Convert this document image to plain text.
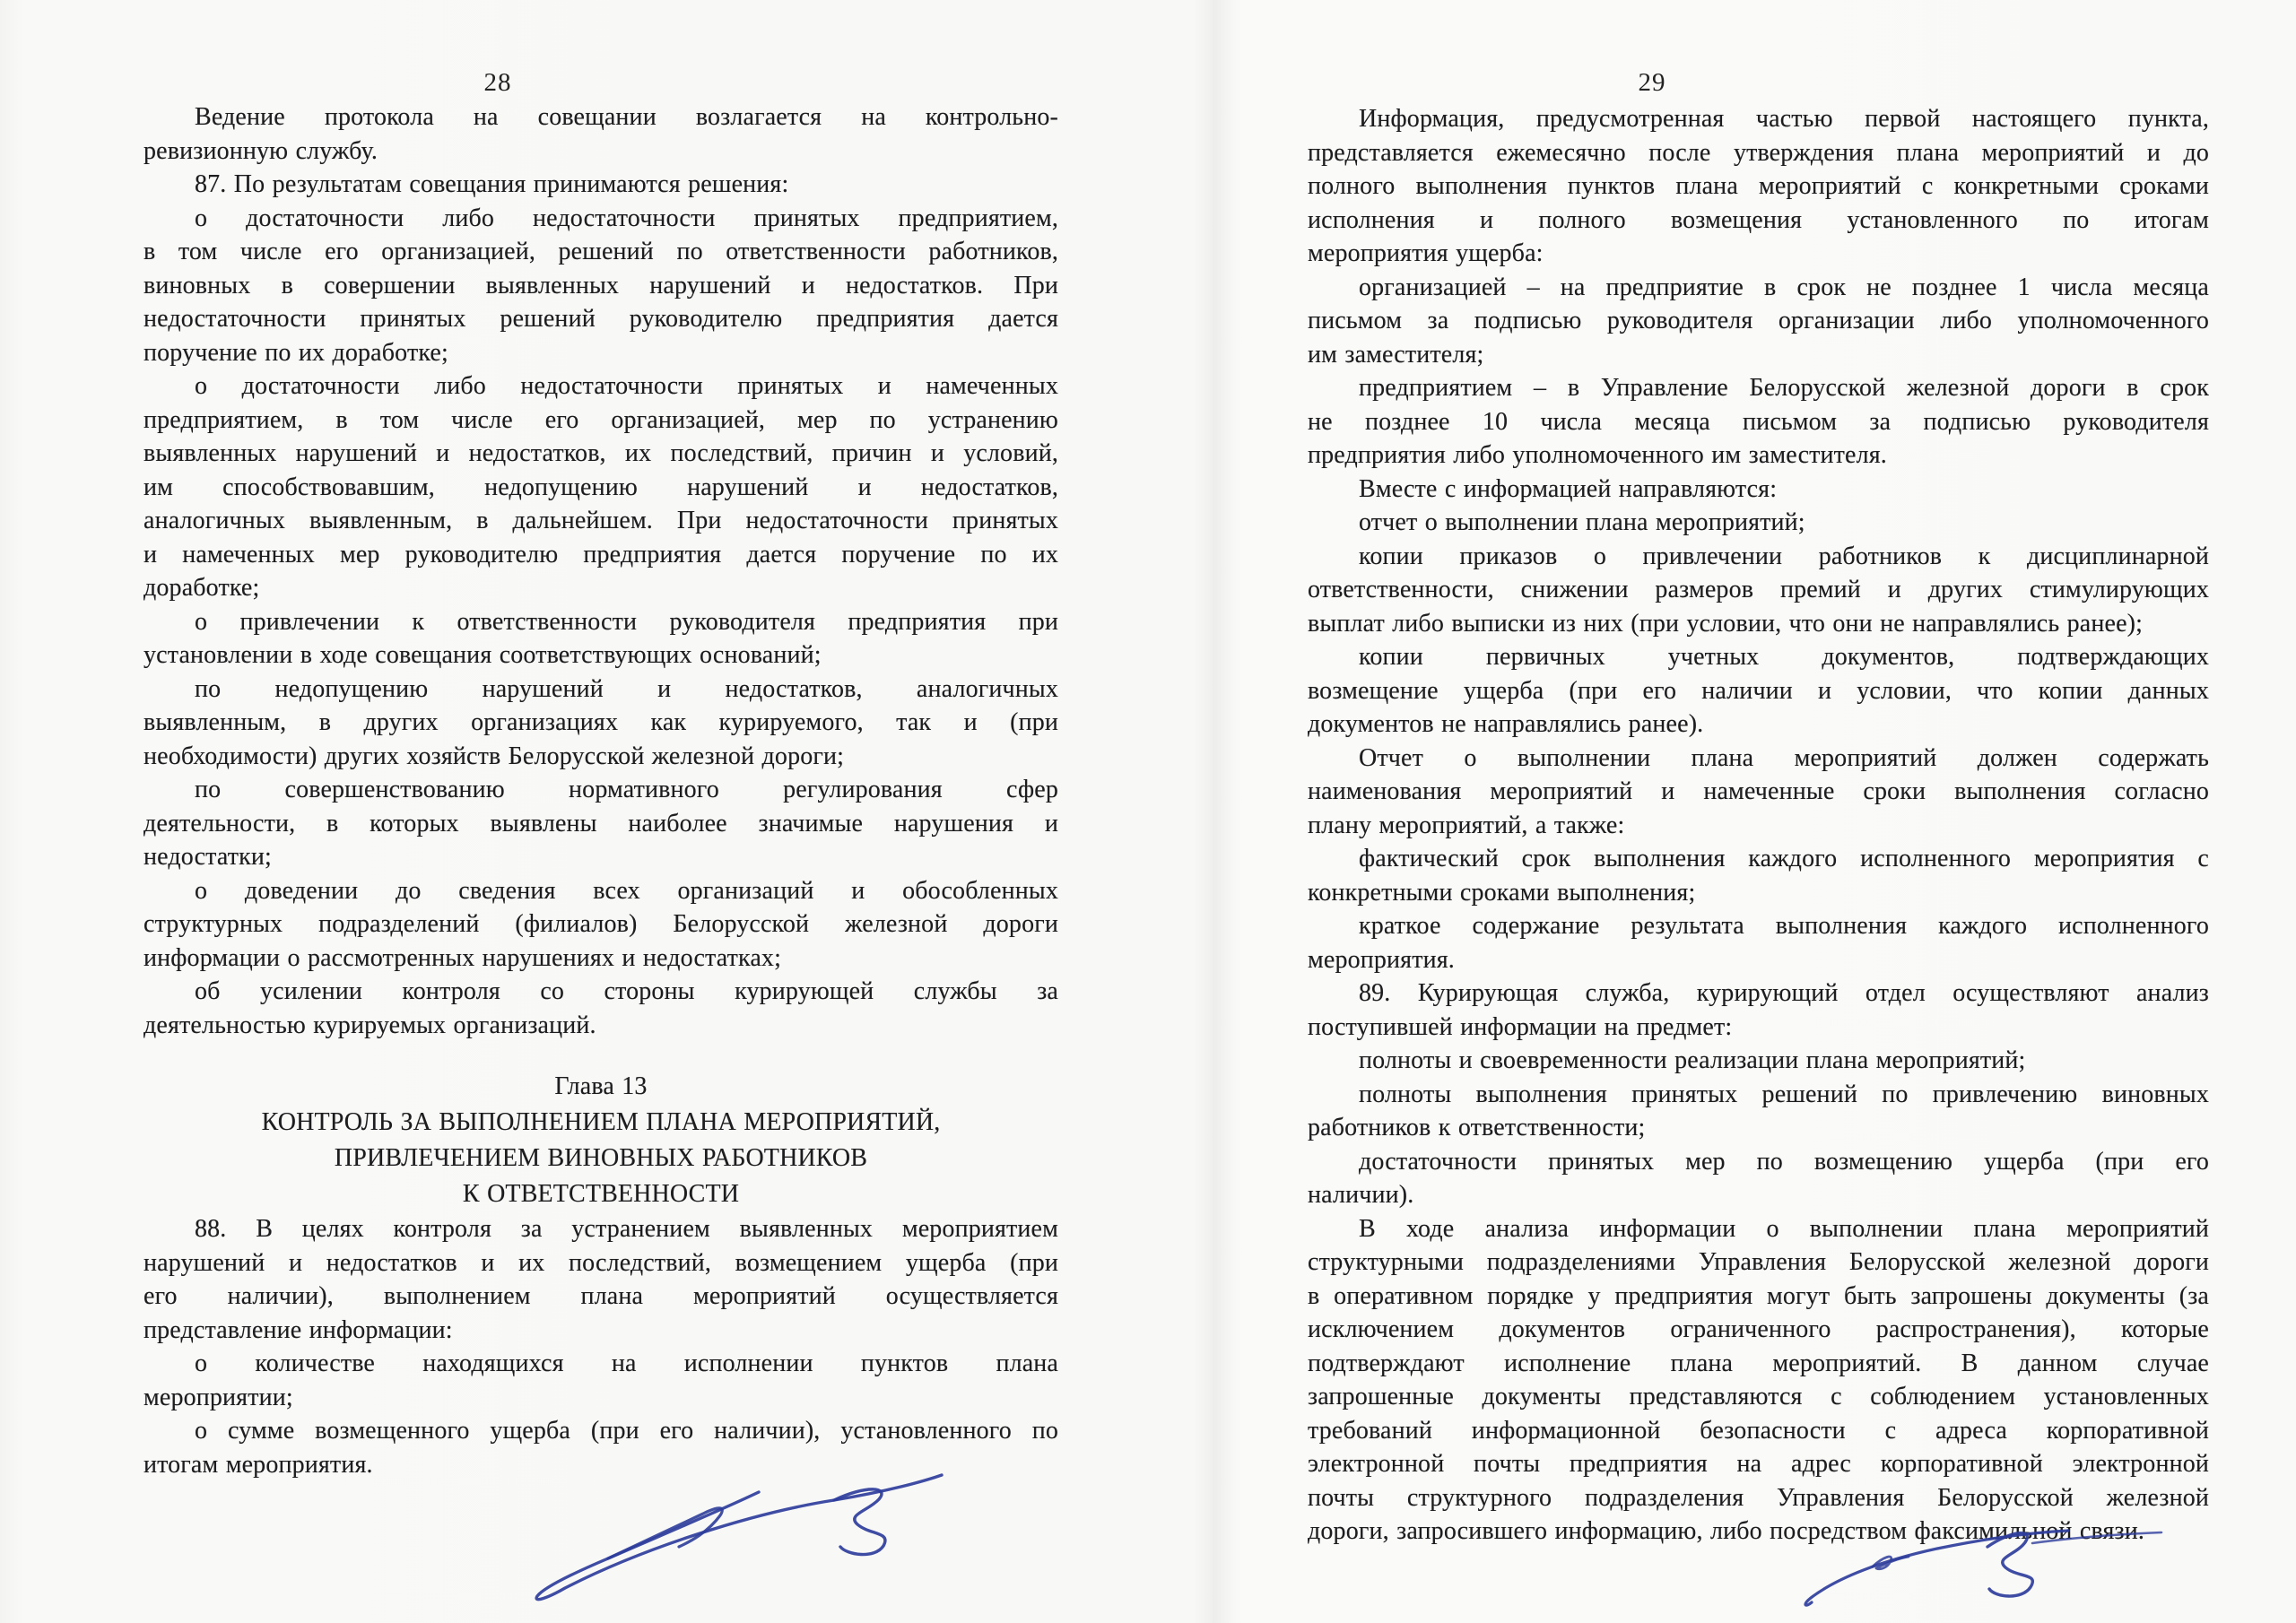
28	29
Ведение протокола на совещании возлагается на контрольно-
ревизионную службу.
87. По результатам совещания принимаются решения:
о достаточности либо недостаточности принятых предприятием,
в том числе его организацией, решений по ответственности работников,
виновных в совершении выявленных нарушений и недостатков. При
недостаточности принятых решений руководителю предприятия дается
поручение по их доработке;
о достаточности либо недостаточности принятых и намеченных
предприятием, в том числе его организацией, мер по устранению
выявленных нарушений и недостатков, их последствий, причин и условий,
им способствовавшим, недопущению нарушений и недостатков,
аналогичных выявленным, в дальнейшем. При недостаточности принятых
и намеченных мер руководителю предприятия дается поручение по их
доработке;
о привлечении к ответственности руководителя предприятия при
установлении в ходе совещания соответствующих оснований;
по недопущению нарушений и недостатков, аналогичных
выявленным, в других организациях как курируемого, так и (при
необходимости) других хозяйств Белорусской железной дороги;
по совершенствованию нормативного регулирования сфер
деятельности, в которых выявлены наиболее значимые нарушения и
недостатки;
о доведении до сведения всех организаций и обособленных
структурных подразделений (филиалов) Белорусской железной дороги
информации о рассмотренных нарушениях и недостатках;
об усилении контроля со стороны курирующей службы за
деятельностью курируемых организаций.
Глава 13
КОНТРОЛЬ ЗА ВЫПОЛНЕНИЕМ ПЛАНА МЕРОПРИЯТИЙ,
ПРИВЛЕЧЕНИЕМ ВИНОВНЫХ РАБОТНИКОВ
К ОТВЕТСТВЕННОСТИ
88. В целях контроля за устранением выявленных мероприятием
нарушений и недостатков и их последствий, возмещением ущерба (при
его наличии), выполнением плана мероприятий осуществляется
представление информации:
о количестве находящихся на исполнении пунктов плана
мероприятии;
о сумме возмещенного ущерба (при его наличии), установленного по
итогам мероприятия.
Информация, предусмотренная частью первой настоящего пункта,
представляется ежемесячно после утверждения плана мероприятий и до
полного выполнения пунктов плана мероприятий с конкретными сроками
исполнения и полного возмещения установленного по итогам
мероприятия ущерба:
организацией – на предприятие в срок не позднее 1 числа месяца
письмом за подписью руководителя организации либо уполномоченного
им заместителя;
предприятием – в Управление Белорусской железной дороги в срок
не позднее 10 числа месяца письмом за подписью руководителя
предприятия либо уполномоченного им заместителя.
Вместе с информацией направляются:
отчет о выполнении плана мероприятий;
копии приказов о привлечении работников к дисциплинарной
ответственности, снижении размеров премий и других стимулирующих
выплат либо выписки из них (при условии, что они не направлялись ранее);
копии первичных учетных документов, подтверждающих
возмещение ущерба (при его наличии и условии, что копии данных
документов не направлялись ранее).
Отчет о выполнении плана мероприятий должен содержать
наименования мероприятий и намеченные сроки выполнения согласно
плану мероприятий, а также:
фактический срок выполнения каждого исполненного мероприятия с
конкретными сроками выполнения;
краткое содержание результата выполнения каждого исполненного
мероприятия.
89. Курирующая служба, курирующий отдел осуществляют анализ
поступившей информации на предмет:
полноты и своевременности реализации плана мероприятий;
полноты выполнения принятых решений по привлечению виновных
работников к ответственности;
достаточности принятых мер по возмещению ущерба (при его
наличии).
В ходе анализа информации о выполнении плана мероприятий
структурными подразделениями Управления Белорусской железной дороги
в оперативном порядке у предприятия могут быть запрошены документы (за
исключением документов ограниченного распространения), которые
подтверждают исполнение плана мероприятий. В данном случае
запрошенные документы представляются с соблюдением установленных
требований информационной безопасности с адреса корпоративной
электронной почты предприятия на адрес корпоративной электронной
почты структурного подразделения Управления Белорусской железной
дороги, запросившего информацию, либо посредством факсимильной связи.
